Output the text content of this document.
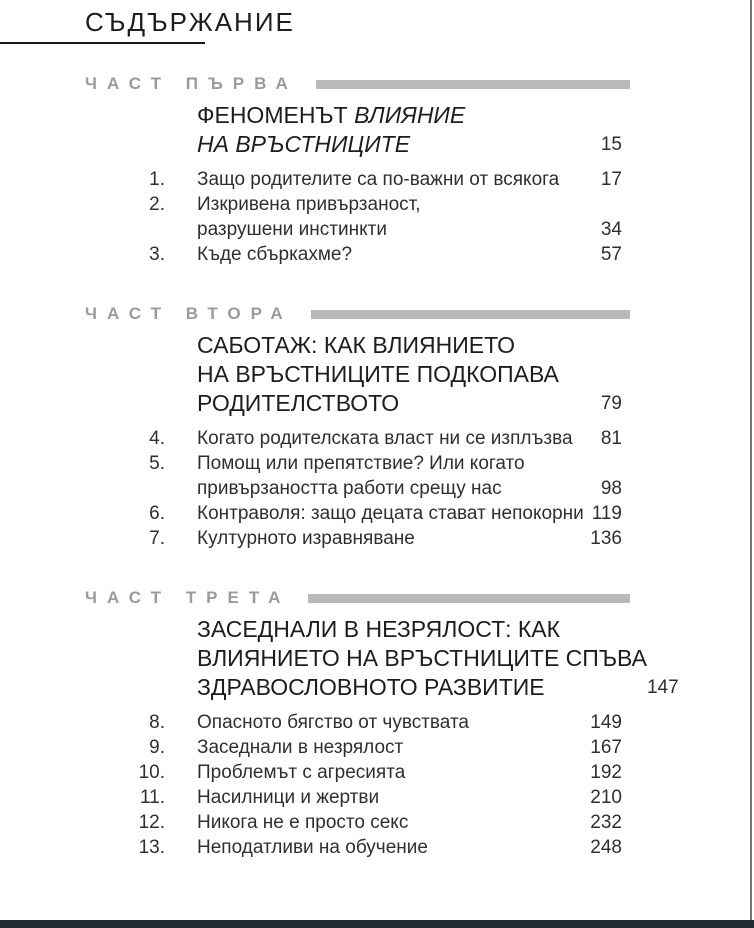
СЪДЪРЖАНИЕ
ЧАСТ ПЪРВА
ФЕНОМЕНЪТ ВЛИЯНИЕ
НА ВРЪСТНИЦИТЕ	15
1. Защо родителите са по-важни от всякога	17
2. Изкривена привързаност,
разрушени инстинкти	34
3. Къде сбъркахме?	57
ЧАСТ ВТОРА
САБОТАЖ: КАК ВЛИЯНИЕТО
НА ВРЪСТНИЦИТЕ ПОДКОПАВА
РОДИТЕЛСТВОТО	79
4. Когато родителската власт ни се изплъзва	81
5. Помощ или препятствие? Или когато
привързаността работи срещу нас	98
6. Контраволя: защо децата стават непокорни 119
7. Културното изравняване	136
ЧАСТ ТРЕТА
ЗАСЕДНАЛИ В НЕЗРЯЛОСТ: КАК
ВЛИЯНИЕТО НА ВРЪСТНИЦИТЕ СПЪВА
ЗДРАВОСЛОВНОТО РАЗВИТИЕ	147
8. Опасното бягство от чувствата	149
9. Заседнали в незрялост	167
10. Проблемът с агресията	192
11. Насилници и жертви	210
12. Никога не е просто секс	232
13. Неподатливи на обучение	248
